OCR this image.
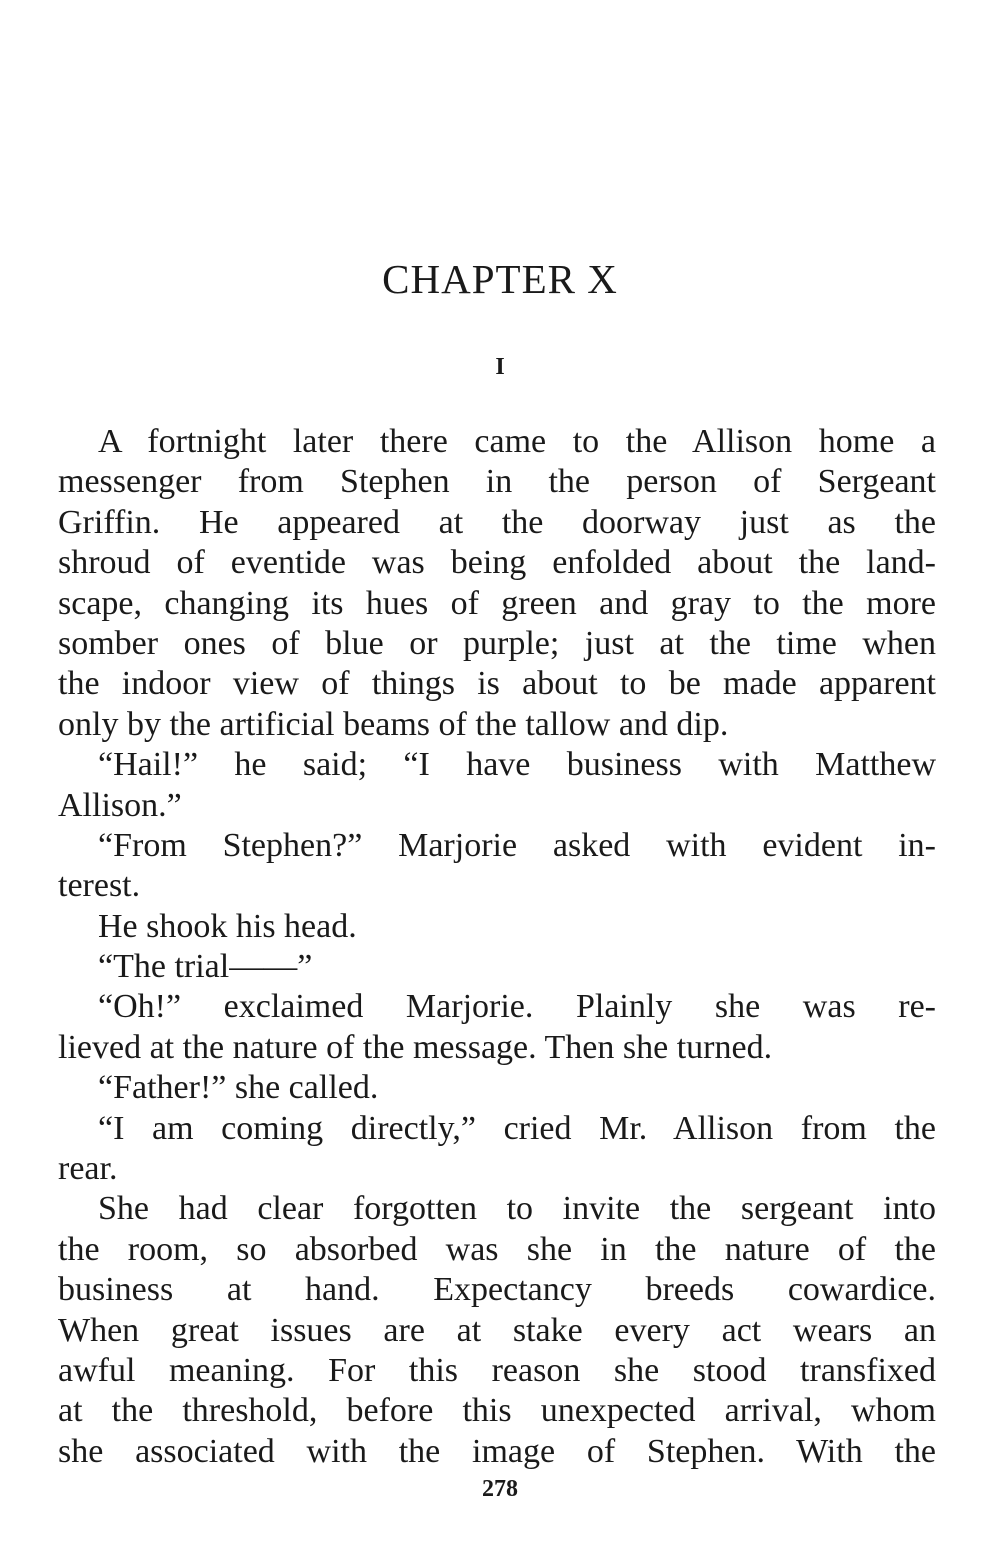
CHAPTER X
I
A fortnight later there came to the Allison home a
messenger from Stephen in the person of Sergeant
Griffin. He appeared at the doorway just as the
shroud of eventide was being enfolded about the land-
scape, changing its hues of green and gray to the more
somber ones of blue or purple; just at the time when
the indoor view of things is about to be made apparent
only by the artificial beams of the tallow and dip.
“Hail!” he said; “I have business with Matthew
Allison.”
“From Stephen?” Marjorie asked with evident in-
terest.
He shook his head.
“The trial——”
“Oh!” exclaimed Marjorie. Plainly she was re-
lieved at the nature of the message. Then she turned.
“Father!” she called.
“I am coming directly,” cried Mr. Allison from the
rear.
She had clear forgotten to invite the sergeant into
the room, so absorbed was she in the nature of the
business at hand. Expectancy breeds cowardice.
When great issues are at stake every act wears an
awful meaning. For this reason she stood transfixed
at the threshold, before this unexpected arrival, whom
she associated with the image of Stephen. With the
278
